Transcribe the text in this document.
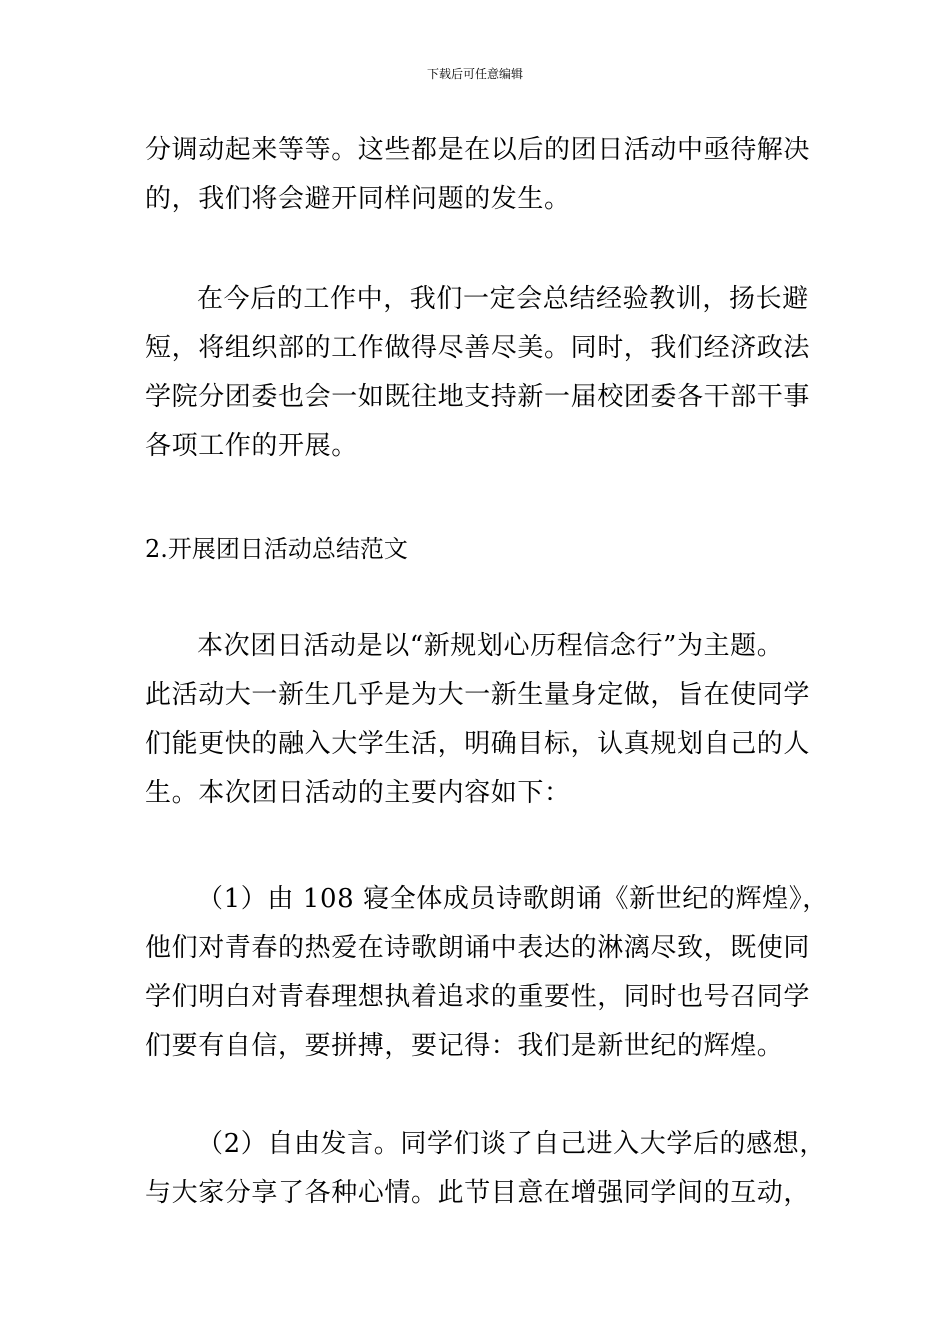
下载后可任意编辑
分调动起来等等。这些都是在以后的团日活动中亟待解决
的，我们将会避开同样问题的发生。
在今后的工作中，我们一定会总结经验教训，扬长避
短，将组织部的工作做得尽善尽美。同时，我们经济政法
学院分团委也会一如既往地支持新一届校团委各干部干事
各项工作的开展。
2.开展团日活动总结范文
本次团日活动是以“新规划心历程信念行”为主题。
此活动大一新生几乎是为大一新生量身定做，旨在使同学
们能更快的融入大学生活，明确目标，认真规划自己的人
生。本次团日活动的主要内容如下：
（1）由 108 寝全体成员诗歌朗诵《新世纪的辉煌》，
他们对青春的热爱在诗歌朗诵中表达的淋漓尽致，既使同
学们明白对青春理想执着追求的重要性，同时也号召同学
们要有自信，要拼搏，要记得：我们是新世纪的辉煌。
（2）自由发言。同学们谈了自己进入大学后的感想，
与大家分享了各种心情。此节目意在增强同学间的互动，
